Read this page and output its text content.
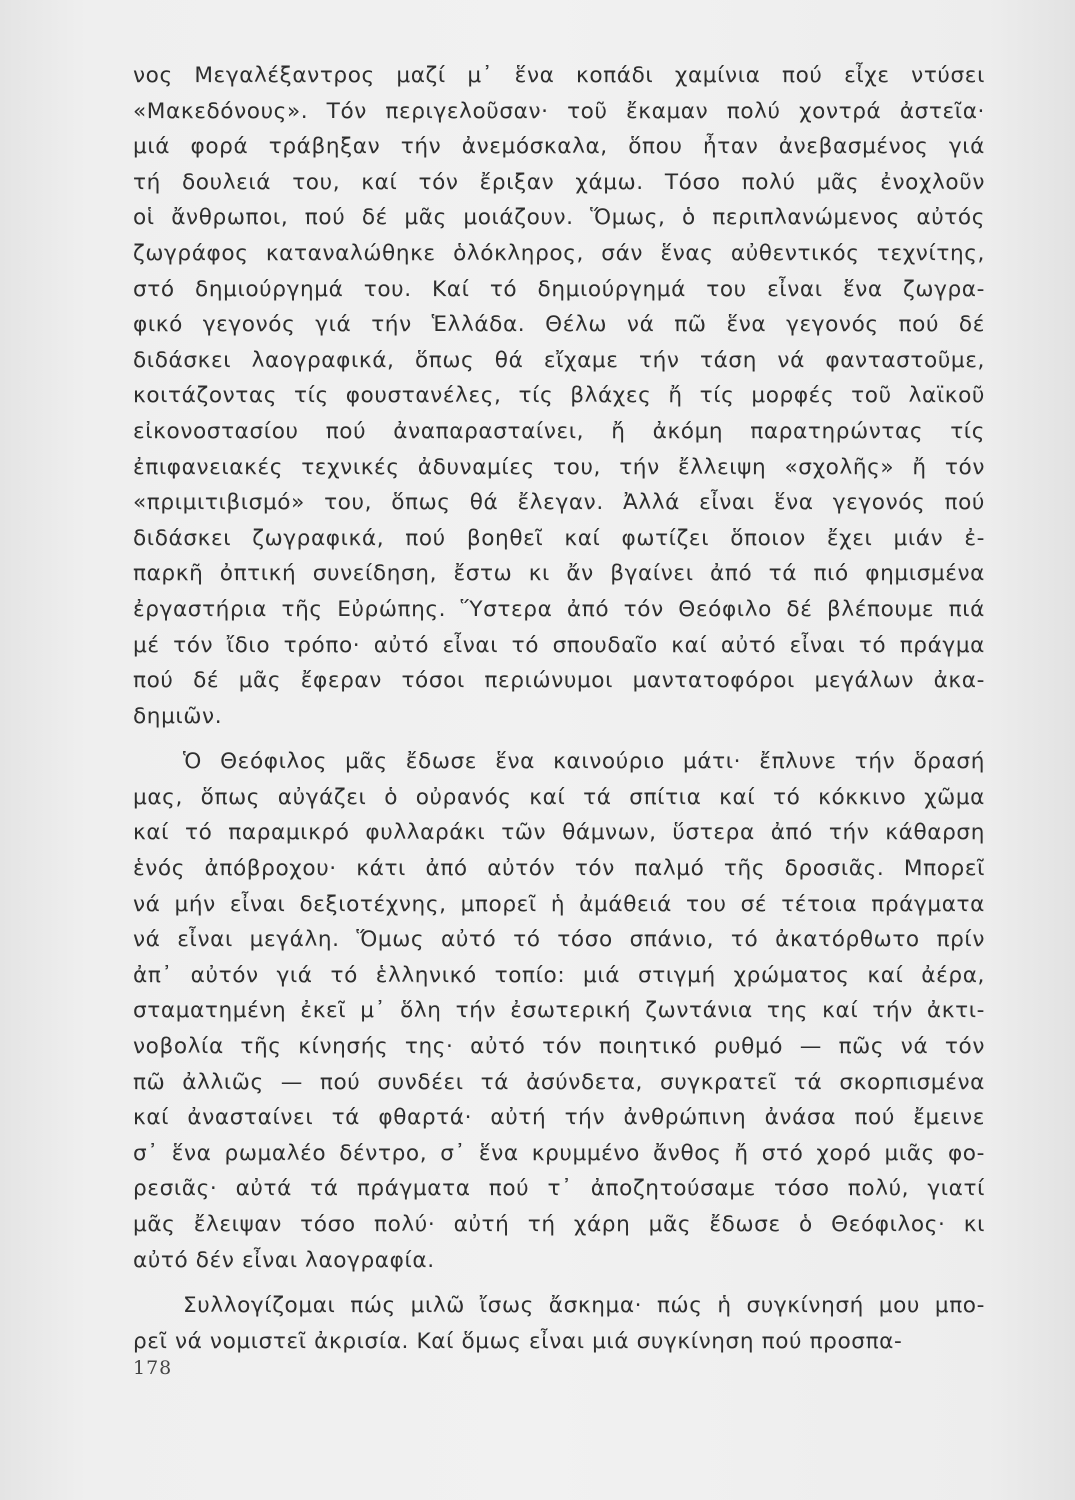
νος Μεγαλέξαντρος μαζί μ᾽ ἕνα κοπάδι χαμίνια πού εἶχε ντύσει
«Μακεδόνους». Τόν περιγελοῦσαν· τοῦ ἔκαμαν πολύ χοντρά ἀστεῖα·
μιά φορά τράβηξαν τήν ἀνεμόσκαλα, ὅπου ἦταν ἀνεβασμένος γιά
τή δουλειά του, καί τόν ἔριξαν χάμω. Τόσο πολύ μᾶς ἐνοχλοῦν
οἱ ἄνθρωποι, πού δέ μᾶς μοιάζουν. Ὅμως, ὁ περιπλανώμενος αὐτός
ζωγράφος καταναλώθηκε ὁλόκληρος, σάν ἕνας αὐθεντικός τεχνίτης,
στό δημιούργημά του. Καί τό δημιούργημά του εἶναι ἕνα ζωγρα-
φικό γεγονός γιά τήν Ἑλλάδα. Θέλω νά πῶ ἕνα γεγονός πού δέ
διδάσκει λαογραφικά, ὅπως θά εἴχαμε τήν τάση νά φανταστοῦμε,
κοιτάζοντας τίς φουστανέλες, τίς βλάχες ἤ τίς μορφές τοῦ λαϊκοῦ
εἰκονοστασίου πού ἀναπαρασταίνει, ἤ ἀκόμη παρατηρώντας τίς
ἐπιφανειακές τεχνικές ἀδυναμίες του, τήν ἔλλειψη «σχολῆς» ἤ τόν
«πριμιτιβισμό» του, ὅπως θά ἔλεγαν. Ἀλλά εἶναι ἕνα γεγονός πού
διδάσκει ζωγραφικά, πού βοηθεῖ καί φωτίζει ὅποιον ἔχει μιάν ἐ-
παρκῆ ὀπτική συνείδηση, ἔστω κι ἄν βγαίνει ἀπό τά πιό φημισμένα
ἐργαστήρια τῆς Εὐρώπης. Ὕστερα ἀπό τόν Θεόφιλο δέ βλέπουμε πιά
μέ τόν ἴδιο τρόπο· αὐτό εἶναι τό σπουδαῖο καί αὐτό εἶναι τό πράγμα
πού δέ μᾶς ἔφεραν τόσοι περιώνυμοι μαντατοφόροι μεγάλων ἀκα-
δημιῶν.
Ὁ Θεόφιλος μᾶς ἔδωσε ἕνα καινούριο μάτι· ἔπλυνε τήν ὅρασή
μας, ὅπως αὐγάζει ὁ οὐρανός καί τά σπίτια καί τό κόκκινο χῶμα
καί τό παραμικρό φυλλαράκι τῶν θάμνων, ὕστερα ἀπό τήν κάθαρση
ἑνός ἀπόβροχου· κάτι ἀπό αὐτόν τόν παλμό τῆς δροσιᾶς. Μπορεῖ
νά μήν εἶναι δεξιοτέχνης, μπορεῖ ἡ ἀμάθειά του σέ τέτοια πράγματα
νά εἶναι μεγάλη. Ὅμως αὐτό τό τόσο σπάνιο, τό ἀκατόρθωτο πρίν
ἀπ᾽ αὐτόν γιά τό ἑλληνικό τοπίο: μιά στιγμή χρώματος καί ἀέρα,
σταματημένη ἐκεῖ μ᾽ ὅλη τήν ἐσωτερική ζωντάνια της καί τήν ἀκτι-
νοβολία τῆς κίνησής της· αὐτό τόν ποιητικό ρυθμό — πῶς νά τόν
πῶ ἀλλιῶς — πού συνδέει τά ἀσύνδετα, συγκρατεῖ τά σκορπισμένα
καί ἀνασταίνει τά φθαρτά· αὐτή τήν ἀνθρώπινη ἀνάσα πού ἔμεινε
σ᾽ ἕνα ρωμαλέο δέντρο, σ᾽ ἕνα κρυμμένο ἄνθος ἤ στό χορό μιᾶς φο-
ρεσιᾶς· αὐτά τά πράγματα πού τ᾽ ἀποζητούσαμε τόσο πολύ, γιατί
μᾶς ἔλειψαν τόσο πολύ· αὐτή τή χάρη μᾶς ἔδωσε ὁ Θεόφιλος· κι
αὐτό δέν εἶναι λαογραφία.
Συλλογίζομαι πώς μιλῶ ἴσως ἄσκημα· πώς ἡ συγκίνησή μου μπο-
ρεῖ νά νομιστεῖ ἀκρισία. Καί ὅμως εἶναι μιά συγκίνηση πού προσπα-
178
